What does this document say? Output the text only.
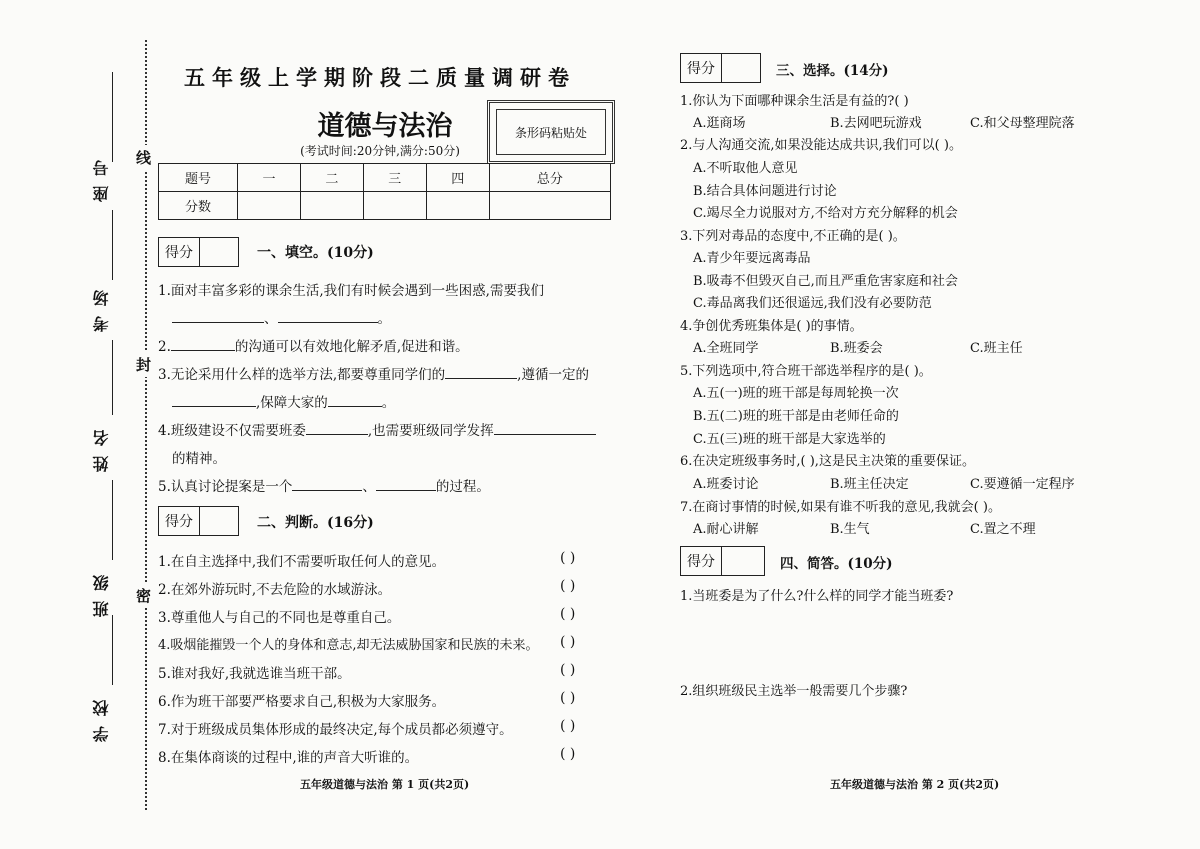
座号
考场
姓名
班级
学校
线
封
密
五年级上学期阶段二质量调研卷
道德与法治
(考试时间:20分钟,满分:50分)
条形码粘贴处
题号	一	二	三	四	总分
分数					
得分	一、填空。(10分)
1.面对丰富多彩的课余生活,我们有时候会遇到一些困惑,需要我们
、	。
2.	的沟通可以有效地化解矛盾,促进和谐。
3.无论采用什么样的选举方法,都要尊重同学们的	,遵循一定的
,保障大家的	。
4.班级建设不仅需要班委	,也需要班级同学发挥
的精神。
5.认真讨论提案是一个	、	的过程。
得分	二、判断。(16分)
1.在自主选择中,我们不需要听取任何人的意见。	( )
2.在郊外游玩时,不去危险的水域游泳。	( )
3.尊重他人与自己的不同也是尊重自己。	( )
4.吸烟能摧毁一个人的身体和意志,却无法威胁国家和民族的未来。 ( )
5.谁对我好,我就选谁当班干部。	( )
6.作为班干部要严格要求自己,积极为大家服务。	( )
7.对于班级成员集体形成的最终决定,每个成员都必须遵守。	( )
8.在集体商谈的过程中,谁的声音大听谁的。	( )
五年级道德与法治 第 1 页(共2页)
得分	三、选择。(14分)
1.你认为下面哪种课余生活是有益的?( )
A.逛商场	B.去网吧玩游戏	C.和父母整理院落
2.与人沟通交流,如果没能达成共识,我们可以( )。
A.不听取他人意见
B.结合具体问题进行讨论
C.竭尽全力说服对方,不给对方充分解释的机会
3.下列对毒品的态度中,不正确的是( )。
A.青少年要远离毒品
B.吸毒不但毁灭自己,而且严重危害家庭和社会
C.毒品离我们还很遥远,我们没有必要防范
4.争创优秀班集体是( )的事情。
A.全班同学	B.班委会	C.班主任
5.下列选项中,符合班干部选举程序的是( )。
A.五(一)班的班干部是每周轮换一次
B.五(二)班的班干部是由老师任命的
C.五(三)班的班干部是大家选举的
6.在决定班级事务时,( ),这是民主决策的重要保证。
A.班委讨论	B.班主任决定	C.要遵循一定程序
7.在商讨事情的时候,如果有谁不听我的意见,我就会( )。
A.耐心讲解	B.生气	C.置之不理
得分	四、简答。(10分)
1.当班委是为了什么?什么样的同学才能当班委?
2.组织班级民主选举一般需要几个步骤?
五年级道德与法治 第 2 页(共2页)
